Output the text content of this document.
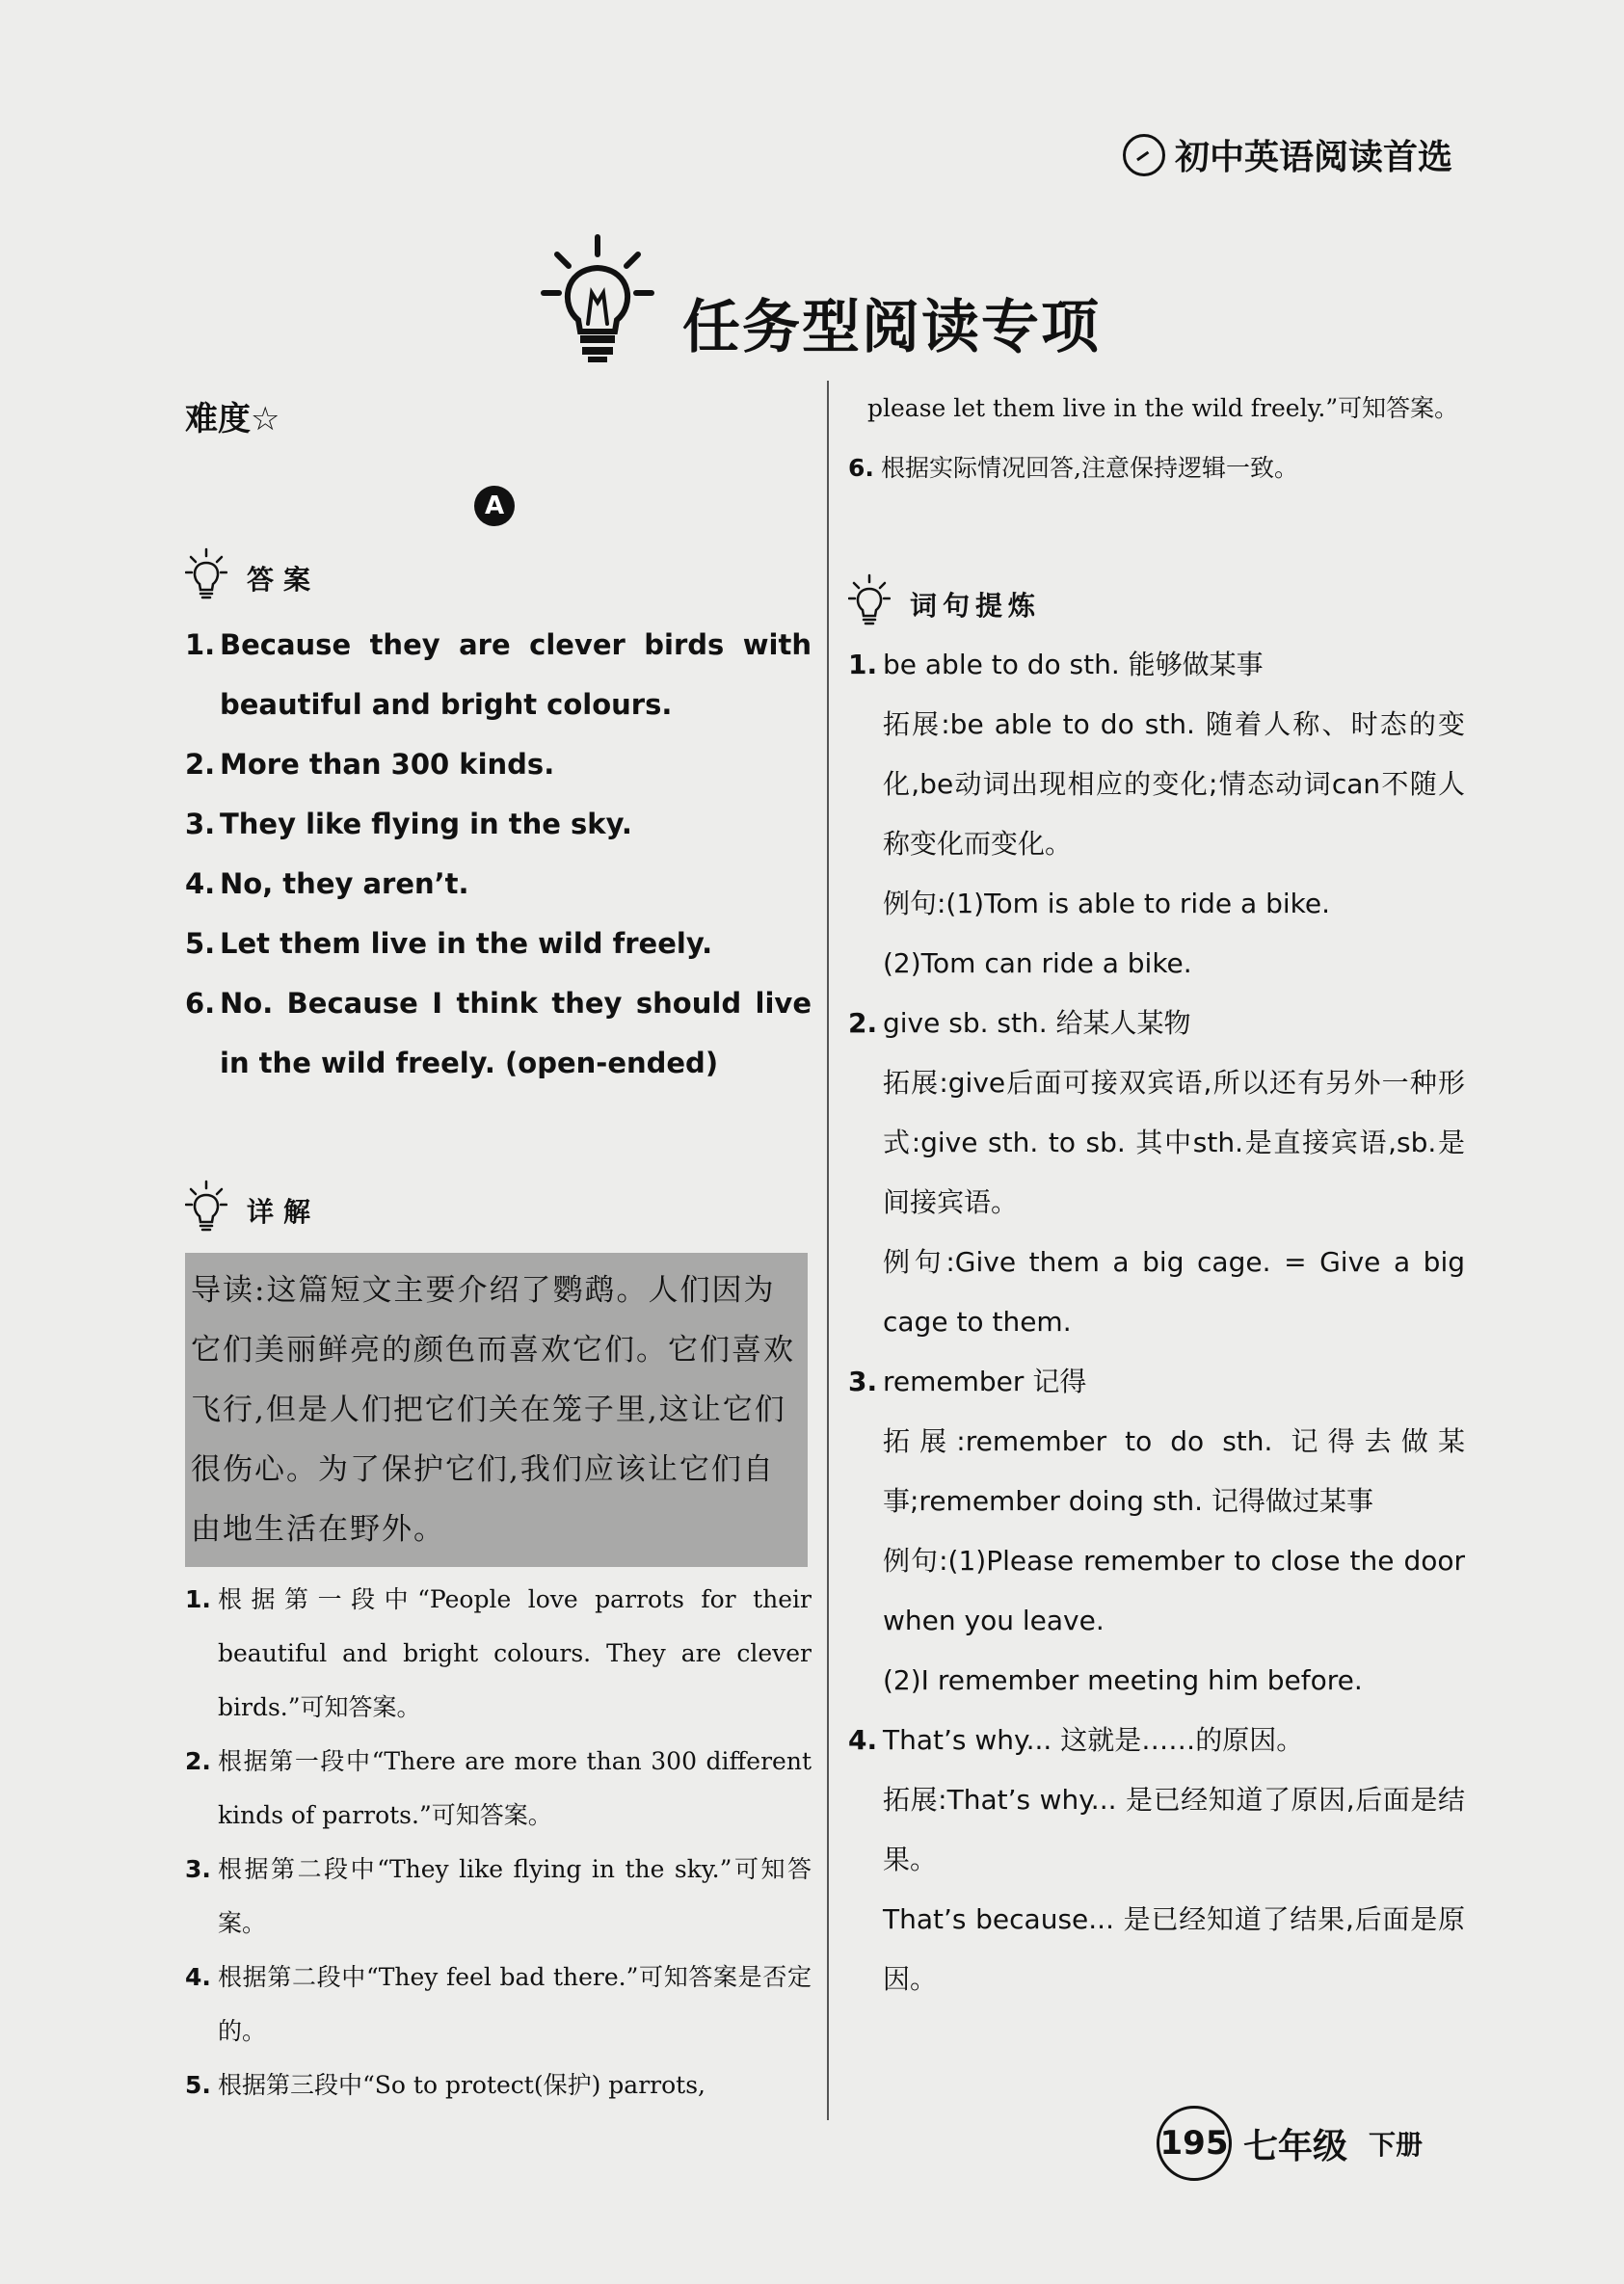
初中英语阅读首选
任务型阅读专项
难度☆
A
答案
1. Because they are clever birds with beautiful and bright colours.
2. More than 300 kinds.
3. They like flying in the sky.
4. No, they aren’t.
5. Let them live in the wild freely.
6. No. Because I think they should live in the wild freely. (open-ended)
详解
导读:这篇短文主要介绍了鹦鹉。人们因为它们美丽鲜亮的颜色而喜欢它们。它们喜欢飞行,但是人们把它们关在笼子里,这让它们很伤心。为了保护它们,我们应该让它们自由地生活在野外。
1. 根据第一段中“People love parrots for their beautiful and bright colours. They are clever birds.”可知答案。
2. 根据第一段中“There are more than 300 different kinds of parrots.”可知答案。
3. 根据第二段中“They like flying in the sky.”可知答案。
4. 根据第二段中“They feel bad there.”可知答案是否定的。
5. 根据第三段中“So to protect(保护) parrots,
please let them live in the wild freely.”可知答案。
6. 根据实际情况回答,注意保持逻辑一致。
词句提炼
1. be able to do sth. 能够做某事
拓展:be able to do sth. 随着人称、时态的变化,be动词出现相应的变化;情态动词can不随人称变化而变化。
例句:(1)Tom is able to ride a bike.
(2)Tom can ride a bike.
2. give sb. sth. 给某人某物
拓展:give后面可接双宾语,所以还有另外一种形式:give sth. to sb. 其中sth.是直接宾语,sb.是间接宾语。
例句:Give them a big cage. = Give a big cage to them.
3. remember 记得
拓展:remember to do sth. 记得去做某事;remember doing sth. 记得做过某事
例句:(1)Please remember to close the door when you leave.
(2)I remember meeting him before.
4. That’s why... 这就是……的原因。
拓展:That’s why... 是已经知道了原因,后面是结果。
That’s because... 是已经知道了结果,后面是原因。
195 七年级 下册
